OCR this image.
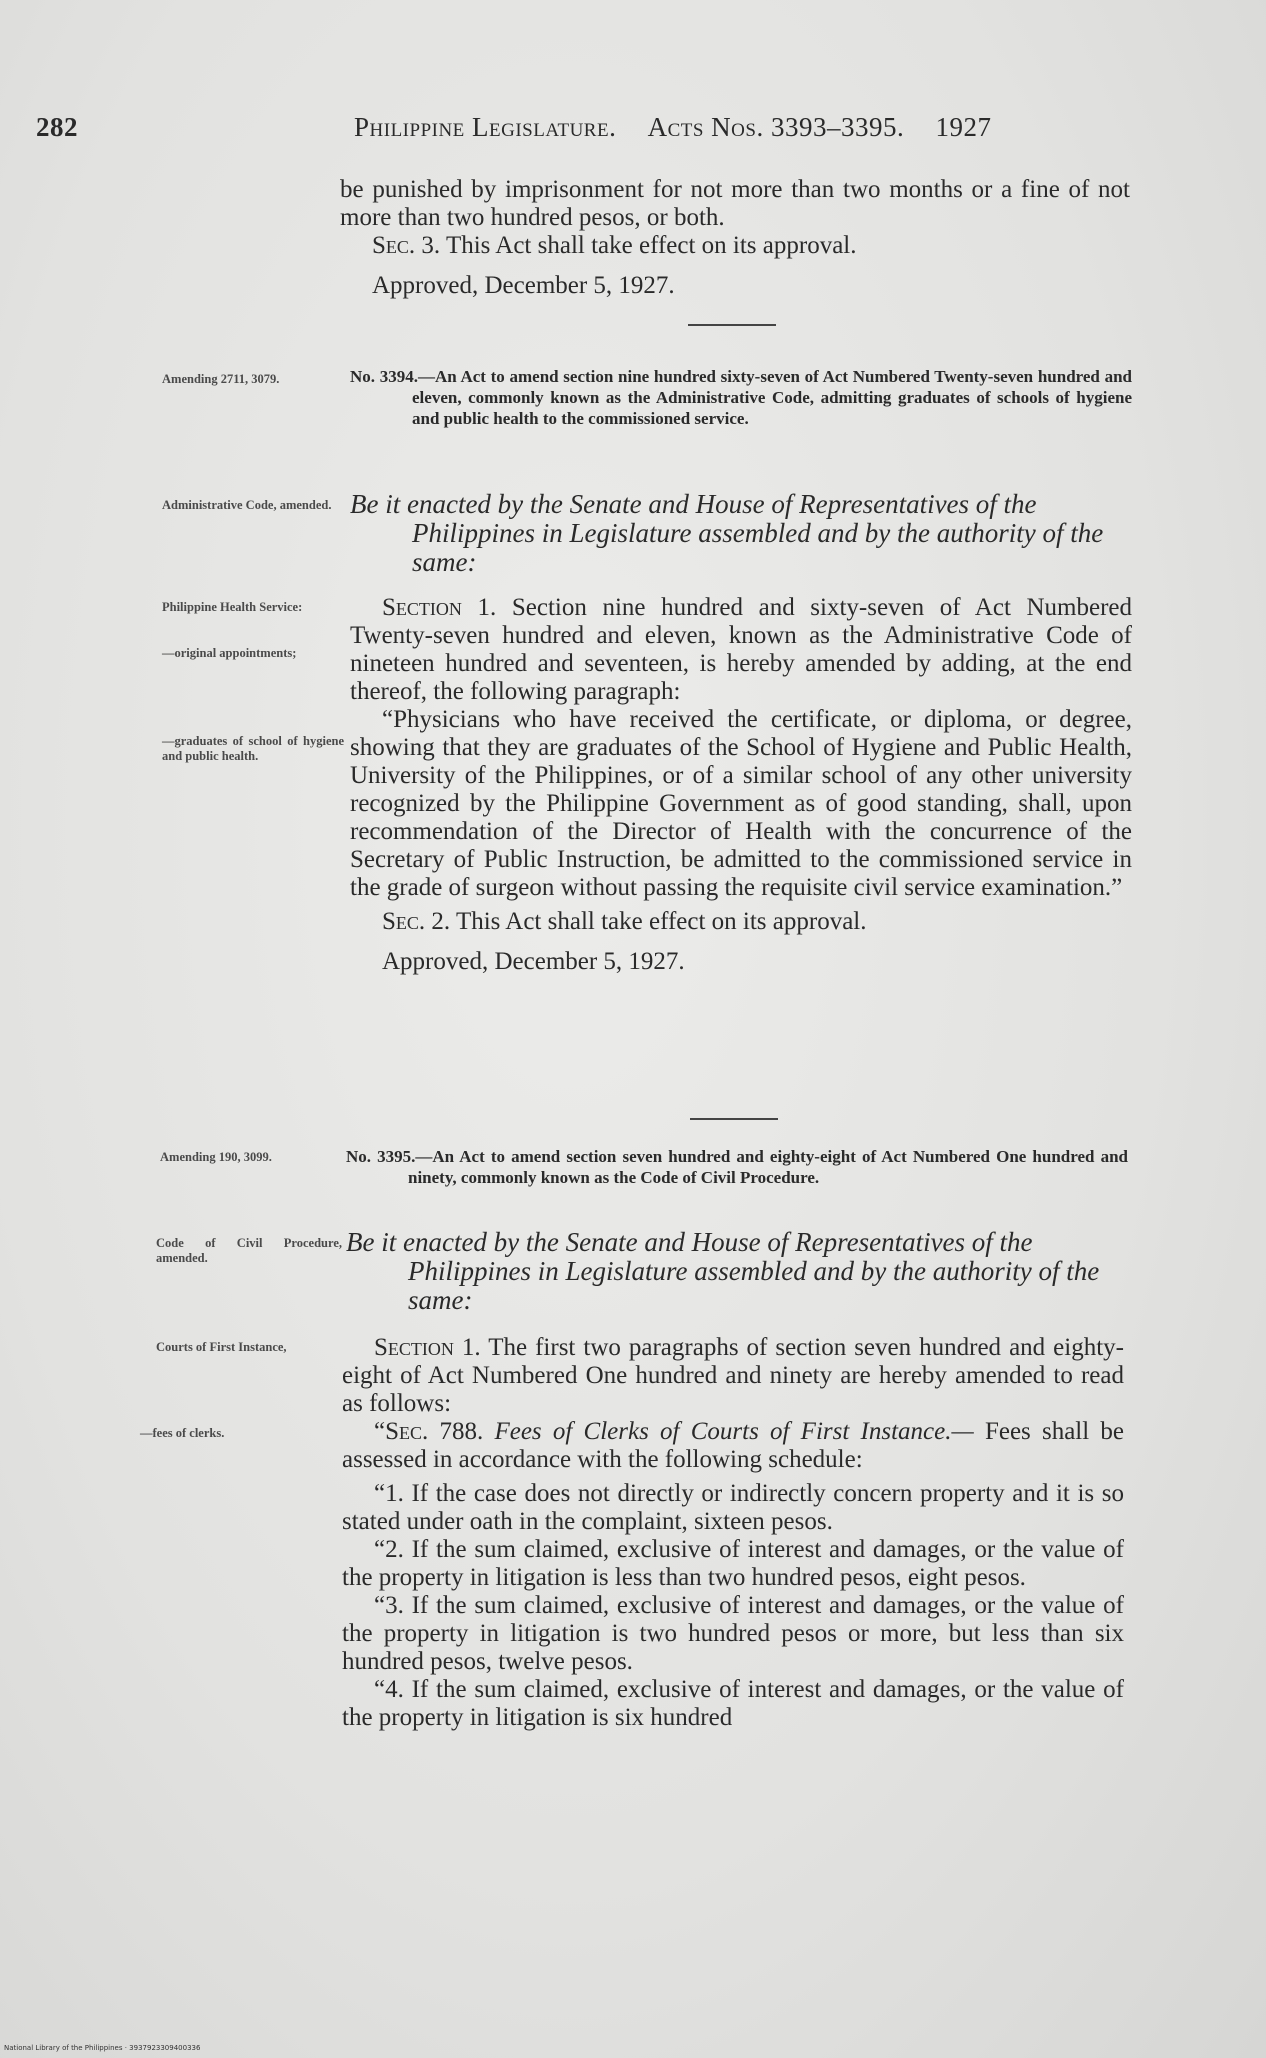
282	Philippine Legislature. Acts Nos. 3393–3395. 1927

be punished by imprisonment for not more than two months or a fine of not more than two hundred pesos, or both.

Sec. 3. This Act shall take effect on its approval.

Approved, December 5, 1927.

Amending 2711, 3079.	No. 3394.—An Act to amend section nine hundred sixty-seven of Act Numbered Twenty-seven hundred and eleven, commonly known as the Administrative Code, admitting graduates of schools of hygiene and public health to the commissioned service.
Administrative Code, amended. Be it enacted by the Senate and House of Representatives of the Philippines in Legislature assembled and by the authority of the same:
Philippine Health Service:
—original appointments;
—graduates of school of hygiene and public health.

Section 1. Section nine hundred and sixty-seven of Act Numbered Twenty-seven hundred and eleven, known as the Administrative Code of nineteen hundred and seventeen, is hereby amended by adding, at the end thereof, the following paragraph:

“Physicians who have received the certificate, or diploma, or degree, showing that they are graduates of the School of Hygiene and Public Health, University of the Philippines, or of a similar school of any other university recognized by the Philippine Government as of good standing, shall, upon recommendation of the Director of Health with the concurrence of the Secretary of Public Instruction, be admitted to the commissioned service in the grade of surgeon without passing the requisite civil service examination.”

Sec. 2. This Act shall take effect on its approval.

Approved, December 5, 1927.

Amending 190, 3099.	No. 3395.—An Act to amend section seven hundred and eighty-eight of Act Numbered One hundred and ninety, commonly known as the Code of Civil Procedure.
Code of Civil Procedure, amended.
Be it enacted by the Senate and House of Representatives of the Philippines in Legislature assembled and by the authority of the same:
Courts of First Instance,
—fees of clerks.

Section 1. The first two paragraphs of section seven hundred and eighty-eight of Act Numbered One hundred and ninety are hereby amended to read as follows:

“Sec. 788. Fees of Clerks of Courts of First Instance.— Fees shall be assessed in accordance with the following schedule:

“1. If the case does not directly or indirectly concern property and it is so stated under oath in the complaint, sixteen pesos.

“2. If the sum claimed, exclusive of interest and damages, or the value of the property in litigation is less than two hundred pesos, eight pesos.

“3. If the sum claimed, exclusive of interest and damages, or the value of the property in litigation is two hundred pesos or more, but less than six hundred pesos, twelve pesos.

“4. If the sum claimed, exclusive of interest and damages, or the value of the property in litigation is six hundred

National Library of the Philippines · 3937923309400336
